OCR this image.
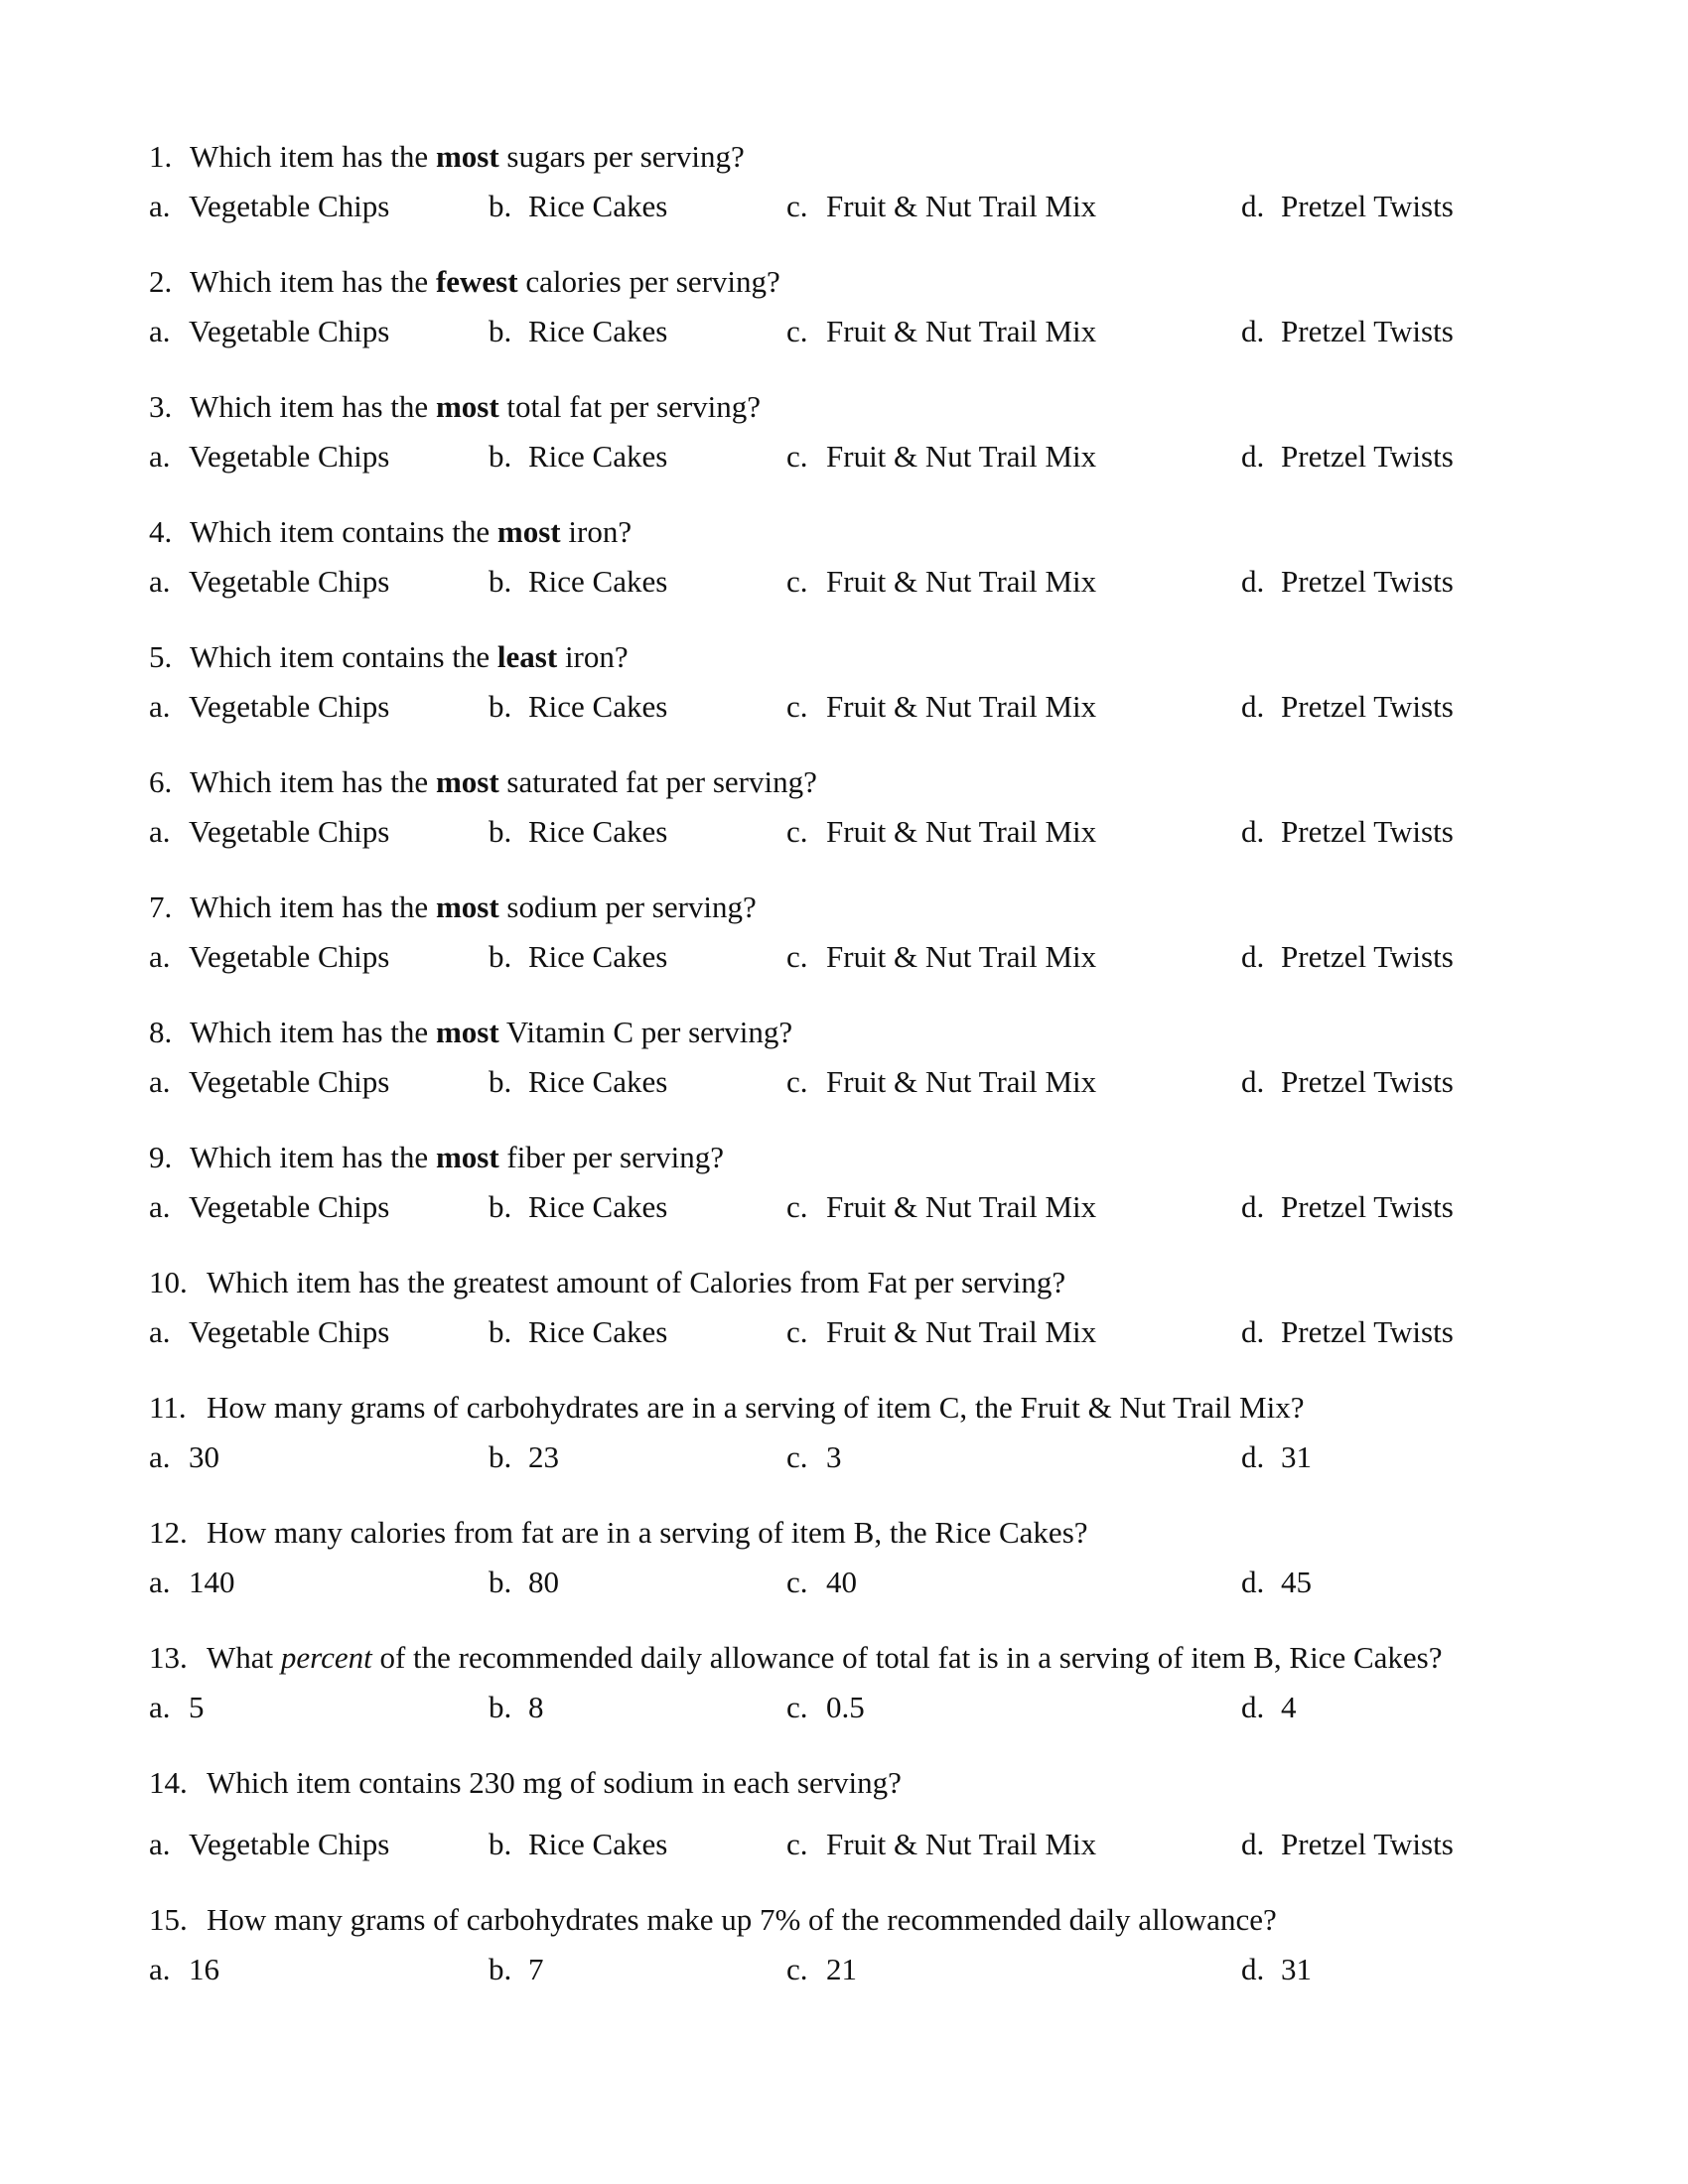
1. Which item has the most sugars per serving?
a. Vegetable Chips	b. Rice Cakes	c. Fruit & Nut Trail Mix	d. Pretzel Twists
2. Which item has the fewest calories per serving?
a. Vegetable Chips	b. Rice Cakes	c. Fruit & Nut Trail Mix	d. Pretzel Twists
3. Which item has the most total fat per serving?
a. Vegetable Chips	b. Rice Cakes	c. Fruit & Nut Trail Mix	d. Pretzel Twists
4. Which item contains the most iron?
a. Vegetable Chips	b. Rice Cakes	c. Fruit & Nut Trail Mix	d. Pretzel Twists
5. Which item contains the least iron?
a. Vegetable Chips	b. Rice Cakes	c. Fruit & Nut Trail Mix	d. Pretzel Twists
6. Which item has the most saturated fat per serving?
a. Vegetable Chips	b. Rice Cakes	c. Fruit & Nut Trail Mix	d. Pretzel Twists
7. Which item has the most sodium per serving?
a. Vegetable Chips	b. Rice Cakes	c. Fruit & Nut Trail Mix	d. Pretzel Twists
8. Which item has the most Vitamin C per serving?
a. Vegetable Chips	b. Rice Cakes	c. Fruit & Nut Trail Mix	d. Pretzel Twists
9. Which item has the most fiber per serving?
a. Vegetable Chips	b. Rice Cakes	c. Fruit & Nut Trail Mix	d. Pretzel Twists
10. Which item has the greatest amount of Calories from Fat per serving?
a. Vegetable Chips	b. Rice Cakes	c. Fruit & Nut Trail Mix	d. Pretzel Twists
11. How many grams of carbohydrates are in a serving of item C, the Fruit & Nut Trail Mix?
a. 30	b. 23	c. 3	d. 31
12. How many calories from fat are in a serving of item B, the Rice Cakes?
a. 140	b. 80	c. 40	d. 45
13. What percent of the recommended daily allowance of total fat is in a serving of item B, Rice Cakes?
a. 5	b. 8	c. 0.5	d. 4
14. Which item contains 230 mg of sodium in each serving?
a. Vegetable Chips	b. Rice Cakes	c. Fruit & Nut Trail Mix	d. Pretzel Twists
15. How many grams of carbohydrates make up 7% of the recommended daily allowance?
a. 16	b. 7	c. 21	d. 31
